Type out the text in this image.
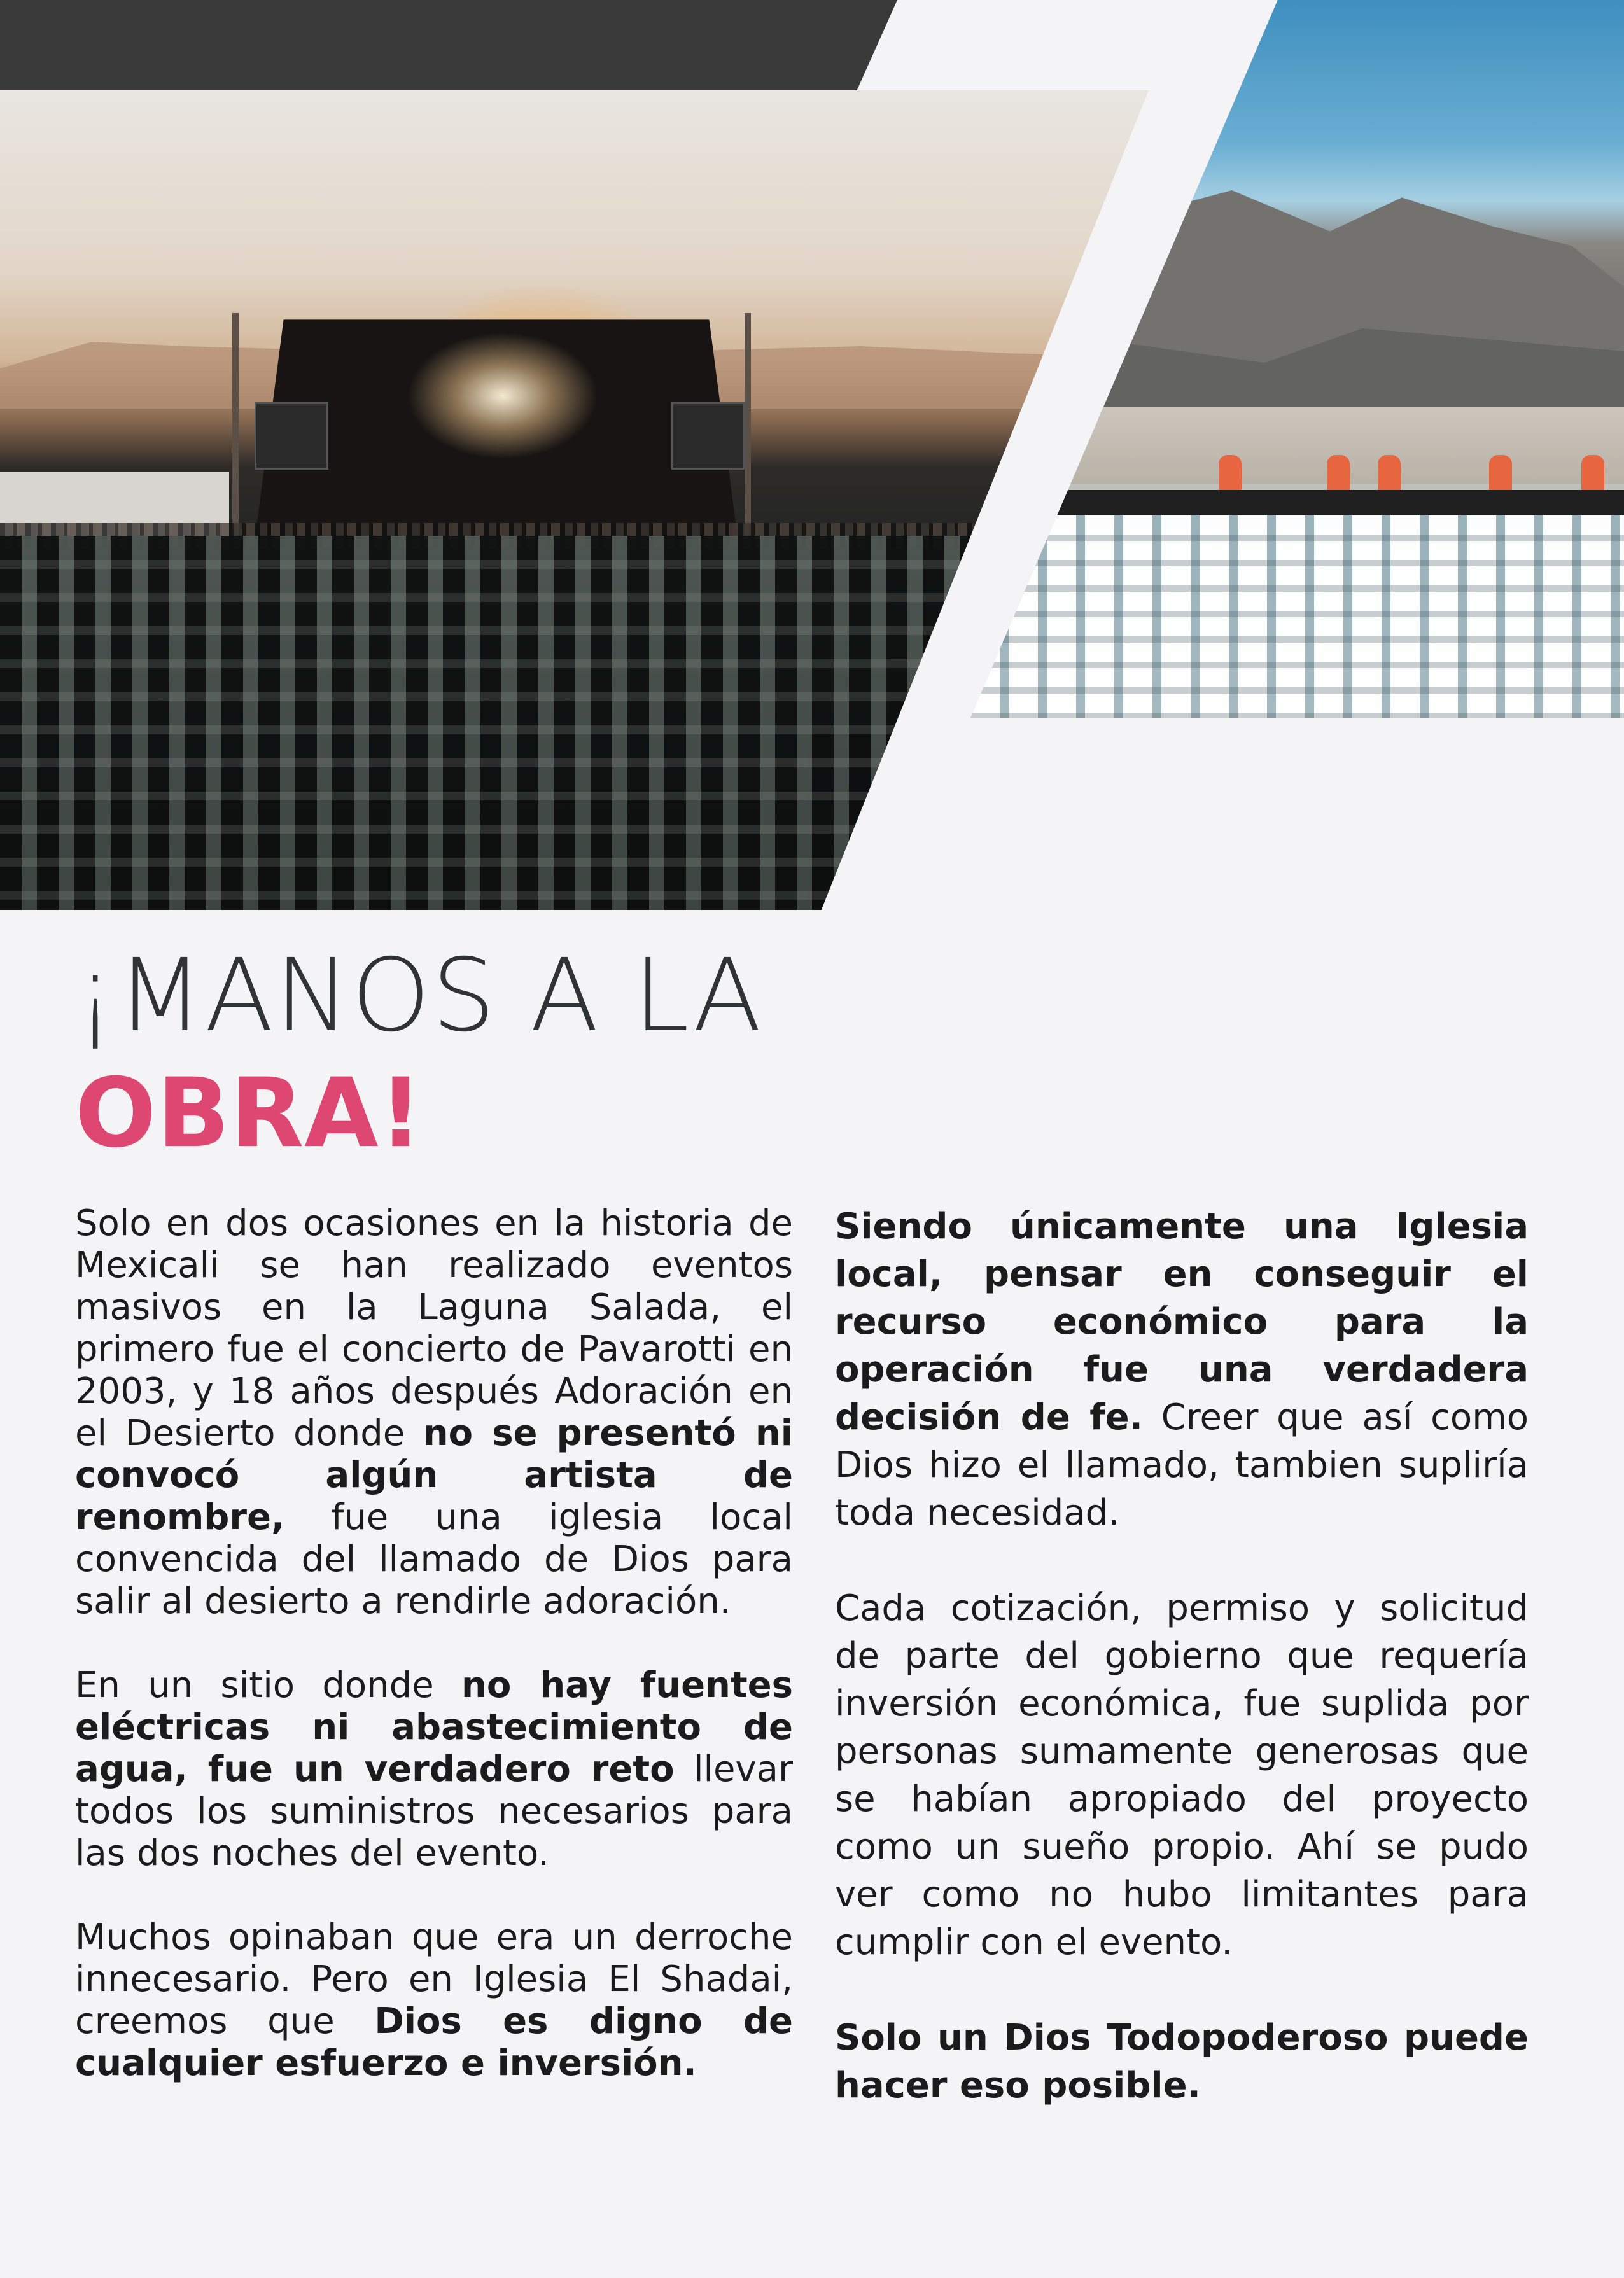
¡MANOS A LA
OBRA!

Solo en dos ocasiones en la historia de Mexicali se han realizado eventos masivos en la Laguna Salada, el primero fue el concierto de Pavarotti en 2003, y 18 años después Adoración en el Desierto donde no se presentó ni convocó algún artista de renombre, fue una iglesia local convencida del llamado de Dios para salir al desierto a rendirle adoración.

En un sitio donde no hay fuentes eléctricas ni abastecimiento de agua, fue un verdadero reto llevar todos los suministros necesarios para las dos noches del evento.

Muchos opinaban que era un derroche innecesario. Pero en Iglesia El Shadai, creemos que Dios es digno de cualquier esfuerzo e inversión.

Siendo únicamente una Iglesia local, pensar en conseguir el recurso económico para la operación fue una verdadera decisión de fe. Creer que así como Dios hizo el llamado, tambien supliría toda necesidad.

Cada cotización, permiso y solicitud de parte del gobierno que requería inversión económica, fue suplida por personas sumamente generosas que se habían apropiado del proyecto como un sueño propio. Ahí se pudo ver como no hubo limitantes para cumplir con el evento.

Solo un Dios Todopoderoso puede hacer eso posible.
